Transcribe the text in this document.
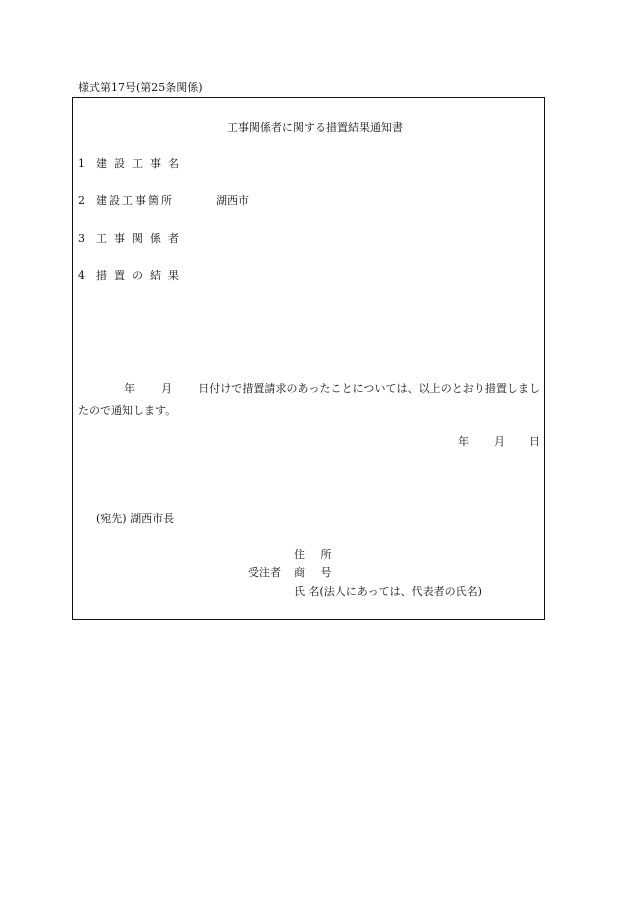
様式第17号(第25条関係)
工事関係者に関する措置結果通知書
1 建設工事名
2 建設工事箇所	湖西市
3 工事関係者
4 措置の結果
年 月 日付けで措置請求のあったことについては、以上のとおり措置しましたので通知します。
年 月 日
(宛先) 湖西市長
住 所
受注者 商 号
氏 名(法人にあっては、代表者の氏名)
